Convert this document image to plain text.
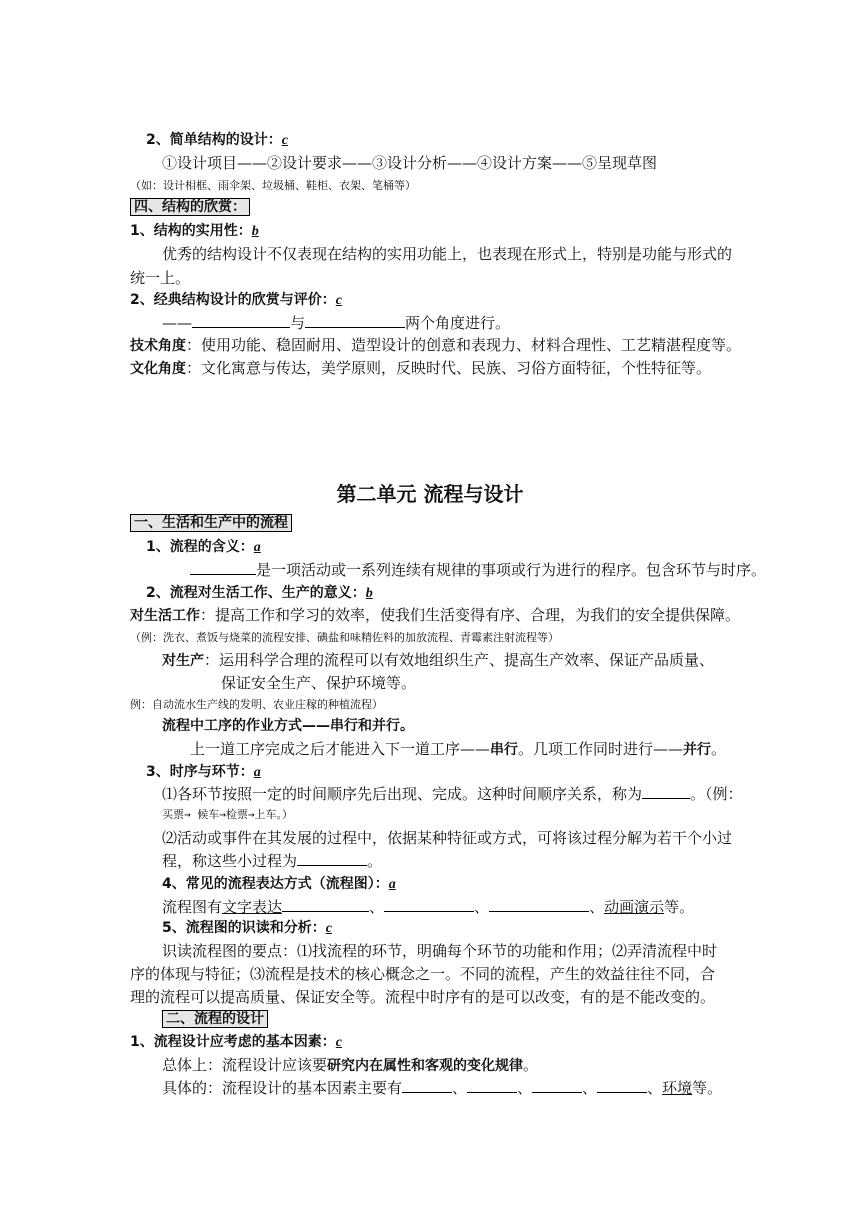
2、简单结构的设计：c
①设计项目——②设计要求——③设计分析——④设计方案——⑤呈现草图
（如：设计相框、雨伞架、垃圾桶、鞋柜、衣架、笔桶等）
四、结构的欣赏：
1、结构的实用性：b
优秀的结构设计不仅表现在结构的实用功能上，也表现在形式上，特别是功能与形式的
统一上。
2、经典结构设计的欣赏与评价：c
——	与	两个角度进行。
技术角度：使用功能、稳固耐用、造型设计的创意和表现力、材料合理性、工艺精湛程度等。
文化角度：文化寓意与传达，美学原则，反映时代、民族、习俗方面特征，个性特征等。
第二单元 流程与设计
一、生活和生产中的流程
1、流程的含义：a
是一项活动或一系列连续有规律的事项或行为进行的程序。包含环节与时序。
2、流程对生活工作、生产的意义：b
对生活工作：提高工作和学习的效率，使我们生活变得有序、合理，为我们的安全提供保障。
（例：洗衣、煮饭与烧菜的流程安排、碘盐和味精佐料的加放流程、青霉素注射流程等）
对生产：运用科学合理的流程可以有效地组织生产、提高生产效率、保证产品质量、
保证安全生产、保护环境等。
例：自动流水生产线的发明、农业庄稼的种植流程）
流程中工序的作业方式——串行和并行。
上一道工序完成之后才能进入下一道工序——串行。几项工作同时进行——并行。
3、时序与环节：a
⑴各环节按照一定的时间顺序先后出现、完成。这种时间顺序关系，称为	。（例：
买票→ 候车→检票→上车。）
⑵活动或事件在其发展的过程中，依据某种特征或方式，可将该过程分解为若干个小过
程，称这些小过程为	。
4、常见的流程表达方式（流程图）：a
流程图有文字表达	、	、	、动画演示等。
5、流程图的识读和分析：c
识读流程图的要点：⑴找流程的环节，明确每个环节的功能和作用；⑵弄清流程中时
序的体现与特征；⑶流程是技术的核心概念之一。不同的流程，产生的效益往往不同，合
理的流程可以提高质量、保证安全等。流程中时序有的是可以改变，有的是不能改变的。
二、流程的设计
1、流程设计应考虑的基本因素：c
总体上：流程设计应该要研究内在属性和客观的变化规律。
具体的：流程设计的基本因素主要有	、	、	、	、环境等。
